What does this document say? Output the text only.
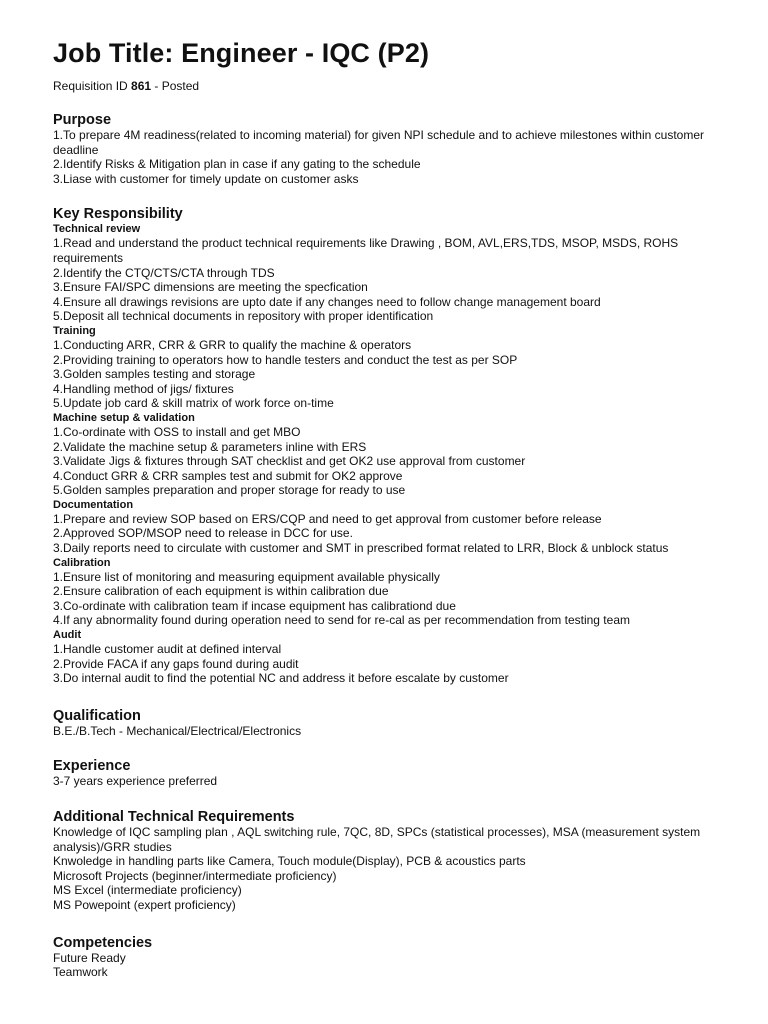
Job Title: Engineer - IQC (P2)

Requisition ID 861 - Posted

Purpose

1.To prepare 4M readiness(related to incoming material) for given NPI schedule and to achieve milestones within customer deadline

2.Identify Risks & Mitigation plan in case if any gating to the schedule

3.Liase with customer for timely update on customer asks

Key Responsibility

Technical review

1.Read and understand the product technical requirements like Drawing , BOM, AVL,ERS,TDS, MSOP, MSDS, ROHS requirements

2.Identify the CTQ/CTS/CTA through TDS

3.Ensure FAI/SPC dimensions are meeting the specfication

4.Ensure all drawings revisions are upto date if any changes need to follow change management board

5.Deposit all technical documents in repository with proper identification

Training

1.Conducting ARR, CRR & GRR to qualify the machine & operators

2.Providing training to operators how to handle testers and conduct the test as per SOP

3.Golden samples testing and storage

4.Handling method of jigs/ fixtures

5.Update job card & skill matrix of work force on-time

Machine setup & validation

1.Co-ordinate with OSS to install and get MBO

2.Validate the machine setup & parameters inline with ERS

3.Validate Jigs & fixtures through SAT checklist and get OK2 use approval from customer

4.Conduct GRR & CRR samples test and submit for OK2 approve

5.Golden samples preparation and proper storage for ready to use

Documentation

1.Prepare and review SOP based on ERS/CQP and need to get approval from customer before release

2.Approved SOP/MSOP need to release in DCC for use.

3.Daily reports need to circulate with customer and SMT in prescribed format related to LRR, Block & unblock status

Calibration

1.Ensure list of monitoring and measuring equipment available physically

2.Ensure calibration of each equipment is within calibration due

3.Co-ordinate with calibration team if incase equipment has calibrationd due

4.If any abnormality found during operation need to send for re-cal as per recommendation from testing team

Audit

1.Handle customer audit at defined interval

2.Provide FACA if any gaps found during audit

3.Do internal audit to find the potential NC and address it before escalate by customer

Qualification

B.E./B.Tech - Mechanical/Electrical/Electronics

Experience

3-7 years experience preferred

Additional Technical Requirements

Knowledge of IQC sampling plan , AQL switching rule, 7QC, 8D, SPCs (statistical processes), MSA (measurement system analysis)/GRR studies

Knwoledge in handling parts like Camera, Touch module(Display), PCB & acoustics parts

Microsoft Projects (beginner/intermediate proficiency)

MS Excel (intermediate proficiency)

MS Powepoint (expert proficiency)

Competencies

Future Ready

Teamwork
